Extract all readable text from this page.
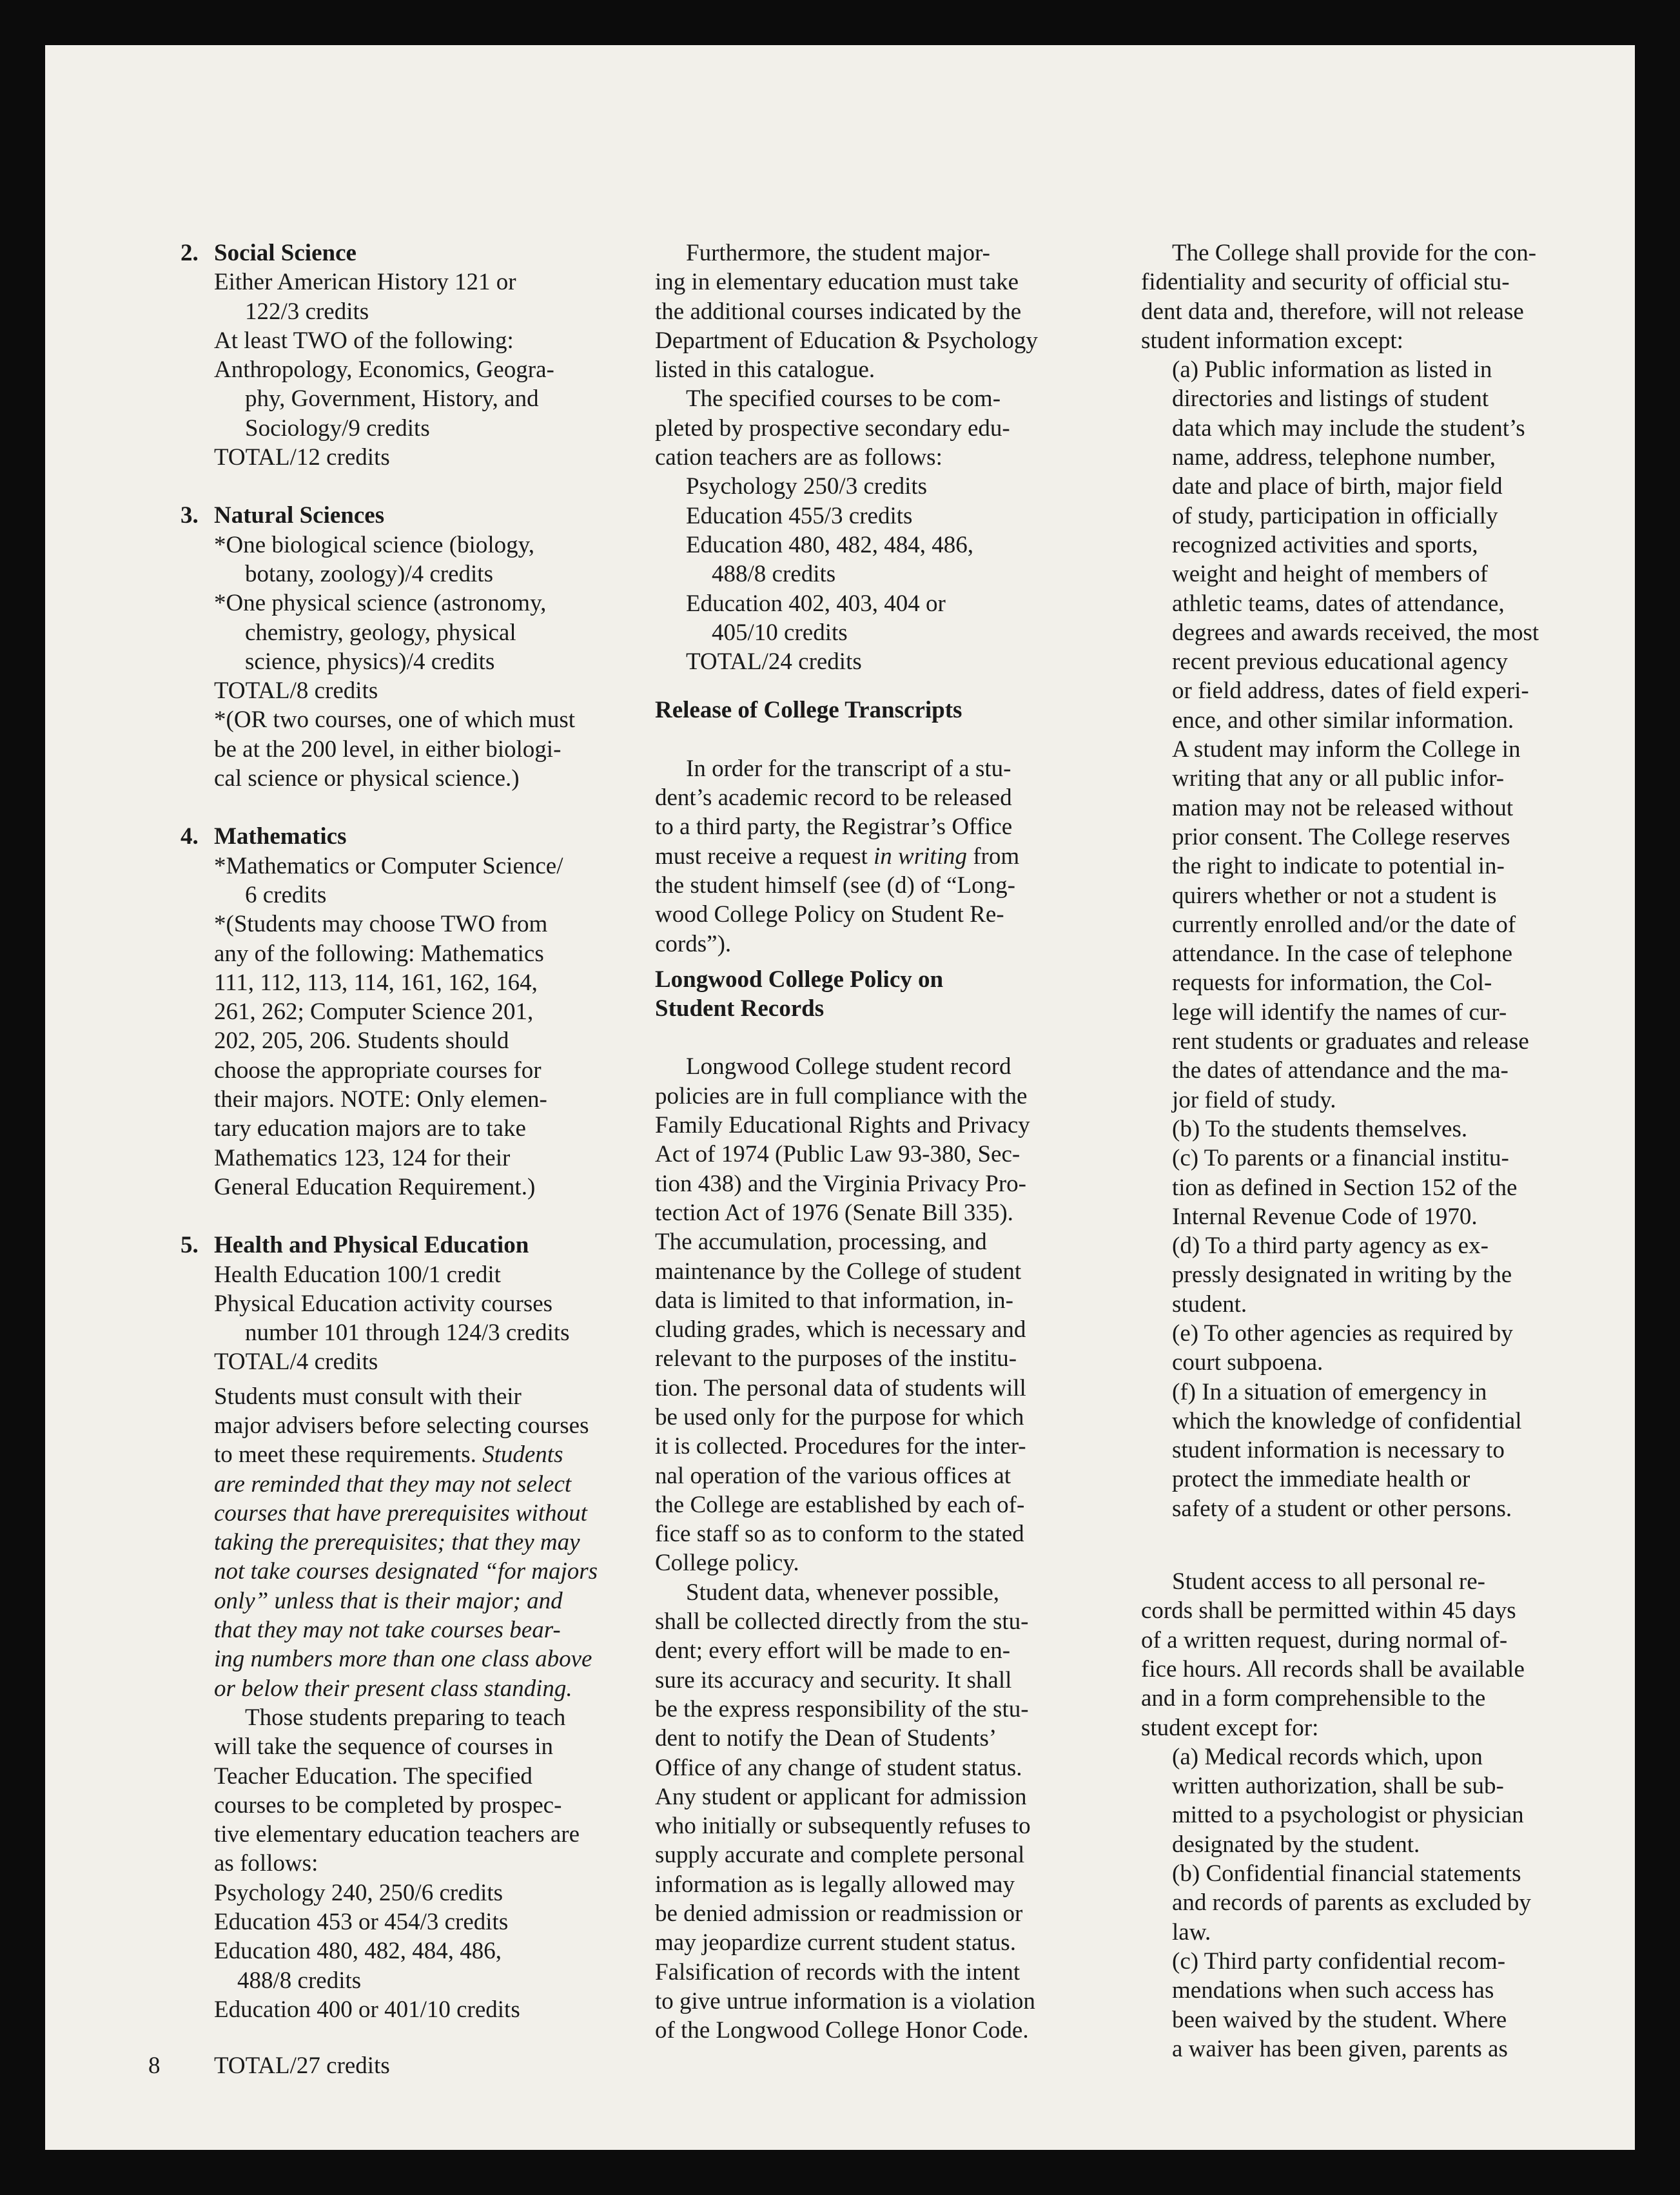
2. Social Science
Either American History 121 or
122/3 credits
At least TWO of the following:
Anthropology, Economics, Geogra-
phy, Government, History, and
Sociology/9 credits
TOTAL/12 credits
3. Natural Sciences
*One biological science (biology,
botany, zoology)/4 credits
*One physical science (astronomy,
chemistry, geology, physical
science, physics)/4 credits
TOTAL/8 credits
*(OR two courses, one of which must
be at the 200 level, in either biologi-
cal science or physical science.)
4. Mathematics
*Mathematics or Computer Science/
6 credits
*(Students may choose TWO from
any of the following: Mathematics
111, 112, 113, 114, 161, 162, 164,
261, 262; Computer Science 201,
202, 205, 206. Students should
choose the appropriate courses for
their majors. NOTE: Only elemen-
tary education majors are to take
Mathematics 123, 124 for their
General Education Requirement.)
5. Health and Physical Education
Health Education 100/1 credit
Physical Education activity courses
number 101 through 124/3 credits
TOTAL/4 credits
Students must consult with their
major advisers before selecting courses
to meet these requirements. Students
are reminded that they may not select
courses that have prerequisites without
taking the prerequisites; that they may
not take courses designated “for majors
only” unless that is their major; and
that they may not take courses bear-
ing numbers more than one class above
or below their present class standing.
Those students preparing to teach
will take the sequence of courses in
Teacher Education. The specified
courses to be completed by prospec-
tive elementary education teachers are
as follows:
Psychology 240, 250/6 credits
Education 453 or 454/3 credits
Education 480, 482, 484, 486,
488/8 credits
Education 400 or 401/10 credits
8 TOTAL/27 credits
Furthermore, the student major-
ing in elementary education must take
the additional courses indicated by the
Department of Education & Psychology
listed in this catalogue.
The specified courses to be com-
pleted by prospective secondary edu-
cation teachers are as follows:
Psychology 250/3 credits
Education 455/3 credits
Education 480, 482, 484, 486,
488/8 credits
Education 402, 403, 404 or
405/10 credits
TOTAL/24 credits
Release of College Transcripts
In order for the transcript of a stu-
dent’s academic record to be released
to a third party, the Registrar’s Office
must receive a request in writing from
the student himself (see (d) of “Long-
wood College Policy on Student Re-
cords”).
Longwood College Policy on
Student Records
Longwood College student record
policies are in full compliance with the
Family Educational Rights and Privacy
Act of 1974 (Public Law 93-380, Sec-
tion 438) and the Virginia Privacy Pro-
tection Act of 1976 (Senate Bill 335).
The accumulation, processing, and
maintenance by the College of student
data is limited to that information, in-
cluding grades, which is necessary and
relevant to the purposes of the institu-
tion. The personal data of students will
be used only for the purpose for which
it is collected. Procedures for the inter-
nal operation of the various offices at
the College are established by each of-
fice staff so as to conform to the stated
College policy.
Student data, whenever possible,
shall be collected directly from the stu-
dent; every effort will be made to en-
sure its accuracy and security. It shall
be the express responsibility of the stu-
dent to notify the Dean of Students’
Office of any change of student status.
Any student or applicant for admission
who initially or subsequently refuses to
supply accurate and complete personal
information as is legally allowed may
be denied admission or readmission or
may jeopardize current student status.
Falsification of records with the intent
to give untrue information is a violation
of the Longwood College Honor Code.
The College shall provide for the con-
fidentiality and security of official stu-
dent data and, therefore, will not release
student information except:
(a) Public information as listed in
directories and listings of student
data which may include the student’s
name, address, telephone number,
date and place of birth, major field
of study, participation in officially
recognized activities and sports,
weight and height of members of
athletic teams, dates of attendance,
degrees and awards received, the most
recent previous educational agency
or field address, dates of field experi-
ence, and other similar information.
A student may inform the College in
writing that any or all public infor-
mation may not be released without
prior consent. The College reserves
the right to indicate to potential in-
quirers whether or not a student is
currently enrolled and/or the date of
attendance. In the case of telephone
requests for information, the Col-
lege will identify the names of cur-
rent students or graduates and release
the dates of attendance and the ma-
jor field of study.
(b) To the students themselves.
(c) To parents or a financial institu-
tion as defined in Section 152 of the
Internal Revenue Code of 1970.
(d) To a third party agency as ex-
pressly designated in writing by the
student.
(e) To other agencies as required by
court subpoena.
(f) In a situation of emergency in
which the knowledge of confidential
student information is necessary to
protect the immediate health or
safety of a student or other persons.
Student access to all personal re-
cords shall be permitted within 45 days
of a written request, during normal of-
fice hours. All records shall be available
and in a form comprehensible to the
student except for:
(a) Medical records which, upon
written authorization, shall be sub-
mitted to a psychologist or physician
designated by the student.
(b) Confidential financial statements
and records of parents as excluded by
law.
(c) Third party confidential recom-
mendations when such access has
been waived by the student. Where
a waiver has been given, parents as
